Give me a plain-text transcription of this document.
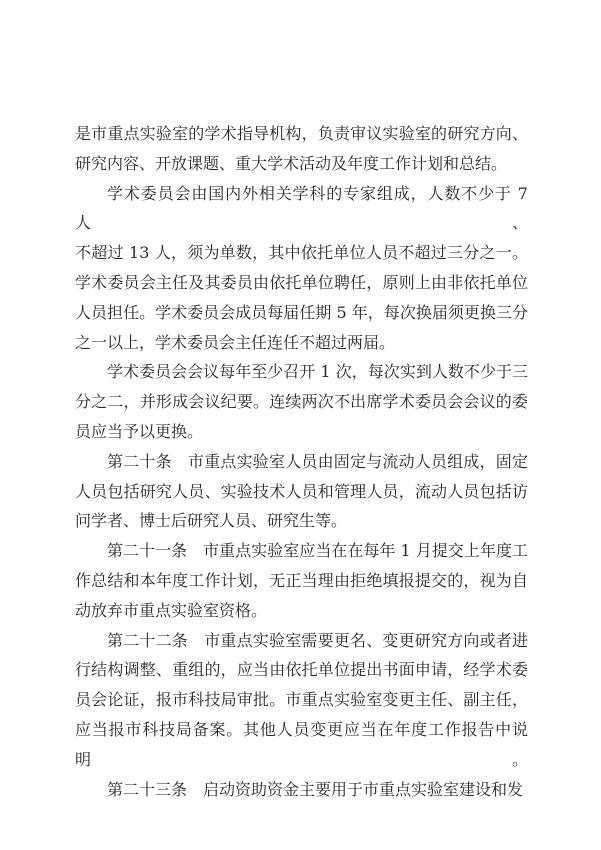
是市重点实验室的学术指导机构，负责审议实验室的研究方向、
研究内容、开放课题、重大学术活动及年度工作计划和总结。
学术委员会由国内外相关学科的专家组成，人数不少于 7 人、
不超过 13 人，须为单数，其中依托单位人员不超过三分之一。
学术委员会主任及其委员由依托单位聘任，原则上由非依托单位
人员担任。学术委员会成员每届任期 5 年，每次换届须更换三分
之一以上，学术委员会主任连任不超过两届。
学术委员会会议每年至少召开 1 次，每次实到人数不少于三
分之二，并形成会议纪要。连续两次不出席学术委员会会议的委
员应当予以更换。
第二十条　市重点实验室人员由固定与流动人员组成，固定
人员包括研究人员、实验技术人员和管理人员，流动人员包括访
问学者、博士后研究人员、研究生等。
第二十一条　市重点实验室应当在在每年 1 月提交上年度工
作总结和本年度工作计划，无正当理由拒绝填报提交的，视为自
动放弃市重点实验室资格。
第二十二条　市重点实验室需要更名、变更研究方向或者进
行结构调整、重组的，应当由依托单位提出书面申请，经学术委
员会论证，报市科技局审批。市重点实验室变更主任、副主任，
应当报市科技局备案。其他人员变更应当在年度工作报告中说明。
第二十三条　启动资助资金主要用于市重点实验室建设和发
